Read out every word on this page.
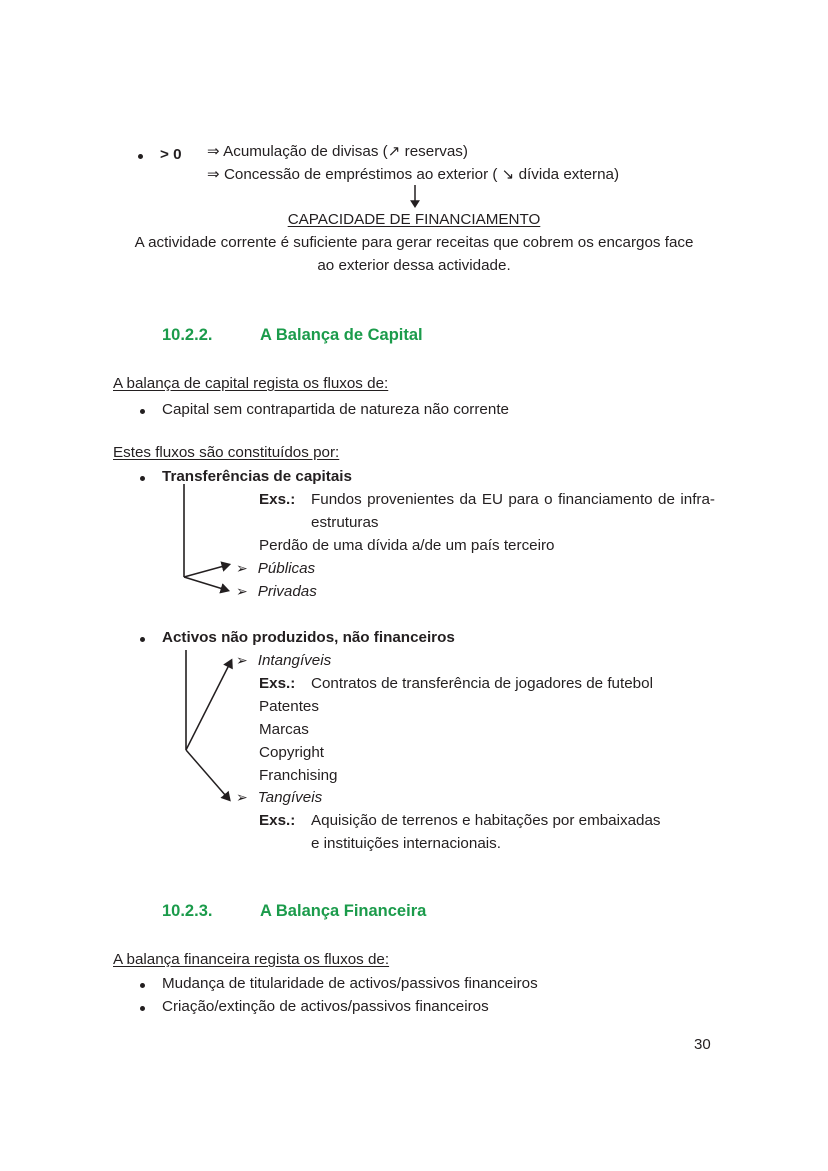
> 0 ⇒ Acumulação de divisas (↗ reservas)
⇒ Concessão de empréstimos ao exterior ( ↘ dívida externa)
CAPACIDADE DE FINANCIAMENTO
A actividade corrente é suficiente para gerar receitas que cobrem os encargos face ao exterior dessa actividade.
10.2.2.	A Balança de Capital
A balança de capital regista os fluxos de:
Capital sem contrapartida de natureza não corrente
Estes fluxos são constituídos por:
Transferências de capitais
Exs.: Fundos provenientes da EU para o financiamento de infra-estruturas
Perdão de uma dívida a/de um país terceiro
➢ Públicas
➢ Privadas
Activos não produzidos, não financeiros
➢ Intangíveis
Exs.: Contratos de transferência de jogadores de futebol
Patentes
Marcas
Copyright
Franchising
➢ Tangíveis
Exs.: Aquisição de terrenos e habitações por embaixadas e instituições internacionais.
10.2.3.	A Balança Financeira
A balança financeira regista os fluxos de:
Mudança de titularidade de activos/passivos financeiros
Criação/extinção de activos/passivos financeiros
30
